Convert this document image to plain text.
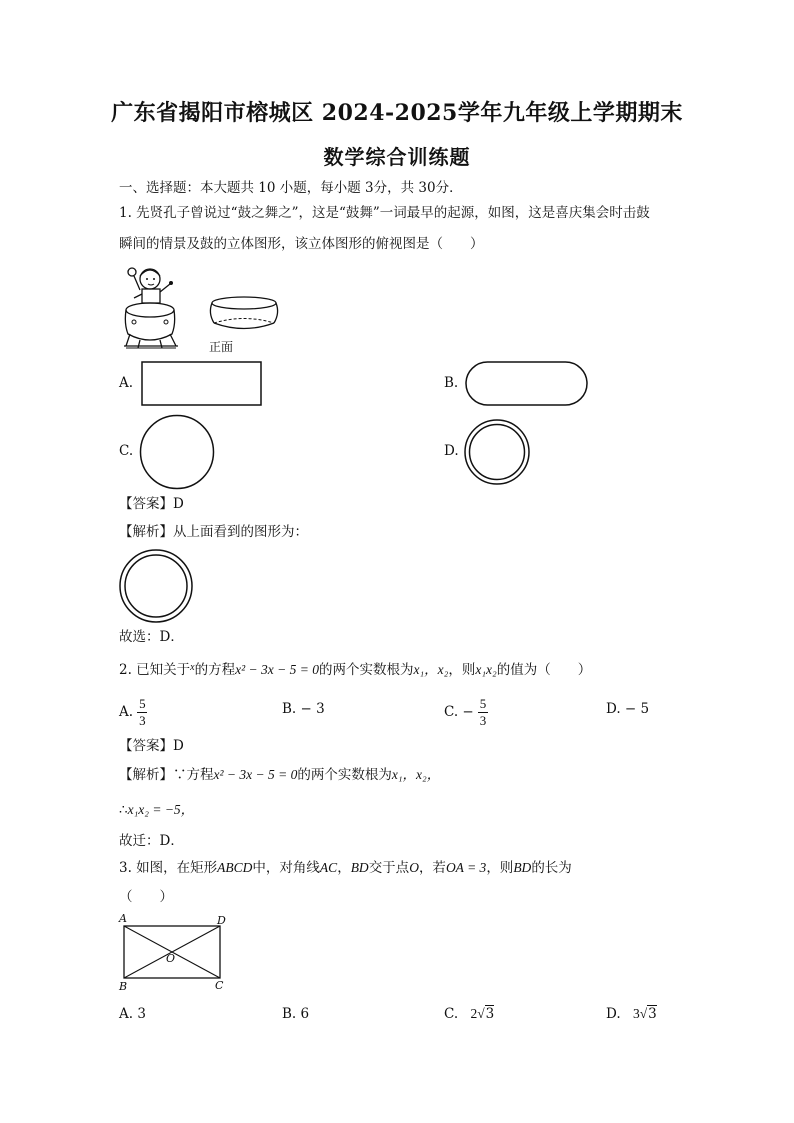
广东省揭阳市榕城区 2024-2025学年九年级上学期期末
数学综合训练题
一、选择题：本大题共 10 小题，每小题 3分，共 30分．
1. 先贤孔子曾说过“鼓之舞之”，这是“鼓舞”一词最早的起源，如图，这是喜庆集会时击鼓
瞬间的情景及鼓的立体图形，该立体图形的俯视图是（　　）
正面
A.	B.
C.	D.
【答案】D
【解析】从上面看到的图形为：
故选：D．
2. 已知关于$^x$的方程x² − 3x − 5 = 0的两个实数根为x₁，x₂，则x₁x₂的值为（　　）
A. $\frac{5}{3}$	B. − 3	C. − $\frac{5}{3}$	D. − 5
【答案】D
【解析】∵方程x² − 3x − 5 = 0的两个实数根为x₁，x₂，
∴x₁x₂ = −5，
故迁：D．
3. 如图，在矩形ABCD中，对角线AC，BD交于点O，若OA = 3，则BD的长为
（　　）
A	D
B	C
O
A. 3	B. 6	C. 2√3	D. 3√3
